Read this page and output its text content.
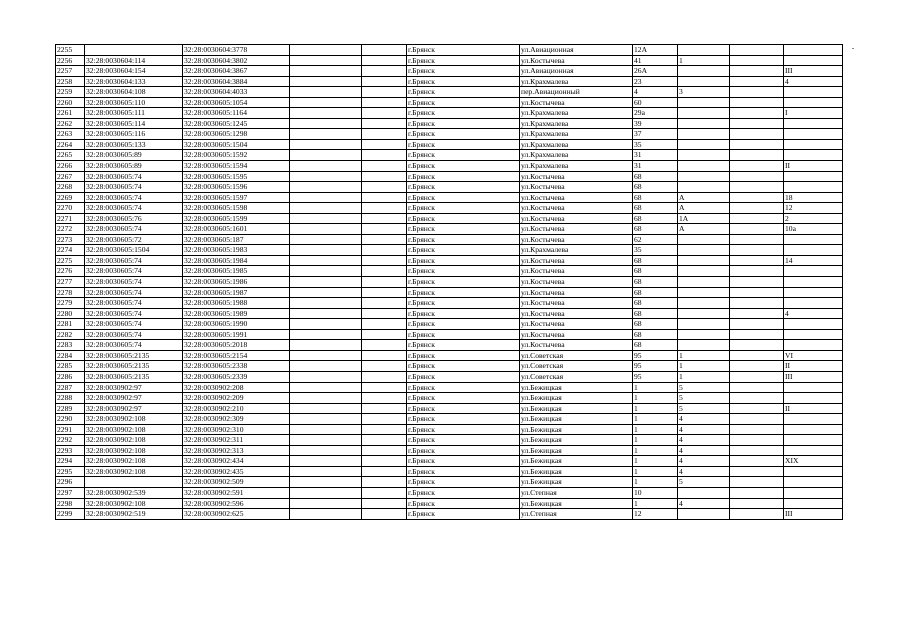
2255		32:28:0030604:3778			г.Брянск	ул.Авиационная	12А			
2256	32:28:0030604:114	32:28:0030604:3802			г.Брянск	ул.Костычева	41	1		
2257	32:28:0030604:154	32:28:0030604:3867			г.Брянск	ул.Авиационная	26А			III
2258	32:28:0030604:133	32:28:0030604:3884			г.Брянск	ул.Крахмалева	23			4
2259	32:28:0030604:108	32:28:0030604:4033			г.Брянск	пер.Авиационный	4	3		
2260	32:28:0030605:110	32:28:0030605:1054			г.Брянск	ул.Костычева	60			
2261	32:28:0030605:111	32:28:0030605:1164			г.Брянск	ул.Крахмалева	29а			I
2262	32:28:0030605:114	32:28:0030605:1245			г.Брянск	ул.Крахмалева	39			
2263	32:28:0030605:116	32:28:0030605:1298			г.Брянск	ул.Крахмалева	37			
2264	32:28:0030605:133	32:28:0030605:1504			г.Брянск	ул.Крахмалева	35			
2265	32:28:0030605:89	32:28:0030605:1592			г.Брянск	ул.Крахмалева	31			
2266	32:28:0030605:89	32:28:0030605:1594			г.Брянск	ул.Крахмалева	31			II
2267	32:28:0030605:74	32:28:0030605:1595			г.Брянск	ул.Костычева	68			
2268	32:28:0030605:74	32:28:0030605:1596			г.Брянск	ул.Костычева	68			
2269	32:28:0030605:74	32:28:0030605:1597			г.Брянск	ул.Костычева	68	А		18
2270	32:28:0030605:74	32:28:0030605:1598			г.Брянск	ул.Костычева	68	А		12
2271	32:28:0030605:76	32:28:0030605:1599			г.Брянск	ул.Костычева	68	1А		2
2272	32:28:0030605:74	32:28:0030605:1601			г.Брянск	ул.Костычева	68	А		10а
2273	32:28:0030605:72	32:28:0030605:187			г.Брянск	ул.Костычева	62			
2274	32:28:0030605:1504	32:28:0030605:1983			г.Брянск	ул.Крахмалева	35			
2275	32:28:0030605:74	32:28:0030605:1984			г.Брянск	ул.Костычева	68			14
2276	32:28:0030605:74	32:28:0030605:1985			г.Брянск	ул.Костычева	68			
2277	32:28:0030605:74	32:28:0030605:1986			г.Брянск	ул.Костычева	68			
2278	32:28:0030605:74	32:28:0030605:1987			г.Брянск	ул.Костычева	68			
2279	32:28:0030605:74	32:28:0030605:1988			г.Брянск	ул.Костычева	68			
2280	32:28:0030605:74	32:28:0030605:1989			г.Брянск	ул.Костычева	68			4
2281	32:28:0030605:74	32:28:0030605:1990			г.Брянск	ул.Костычева	68			
2282	32:28:0030605:74	32:28:0030605:1991			г.Брянск	ул.Костычева	68			
2283	32:28:0030605:74	32:28:0030605:2018			г.Брянск	ул.Костычева	68			
2284	32:28:0030605:2135	32:28:0030605:2154			г.Брянск	ул.Советская	95	1		VI
2285	32:28:0030605:2135	32:28:0030605:2338			г.Брянск	ул.Советская	95	1		II
2286	32:28:0030605:2135	32:28:0030605:2339			г.Брянск	ул.Советская	95	1		III
2287	32:28:0030902:97	32:28:0030902:208			г.Брянск	ул.Бежицкая	1	5		
2288	32:28:0030902:97	32:28:0030902:209			г.Брянск	ул.Бежицкая	1	5		
2289	32:28:0030902:97	32:28:0030902:210			г.Брянск	ул.Бежицкая	1	5		II
2290	32:28:0030902:108	32:28:0030902:309			г.Брянск	ул.Бежицкая	1	4		
2291	32:28:0030902:108	32:28:0030902:310			г.Брянск	ул.Бежицкая	1	4		
2292	32:28:0030902:108	32:28:0030902:311			г.Брянск	ул.Бежицкая	1	4		
2293	32:28:0030902:108	32:28:0030902:313			г.Брянск	ул.Бежицкая	1	4		
2294	32:28:0030902:108	32:28:0030902:434			г.Брянск	ул.Бежицкая	1	4		XIX
2295	32:28:0030902:108	32:28:0030902:435			г.Брянск	ул.Бежицкая	1	4		
2296		32:28:0030902:509			г.Брянск	ул.Бежицкая	1	5		
2297	32:28:0030902:539	32:28:0030902:591			г.Брянск	ул.Степная	10			
2298	32:28:0030902:108	32:28:0030902:596			г.Брянск	ул.Бежицкая	1	4		
2299	32:28:0030902:519	32:28:0030902:625			г.Брянск	ул.Степная	12			III
